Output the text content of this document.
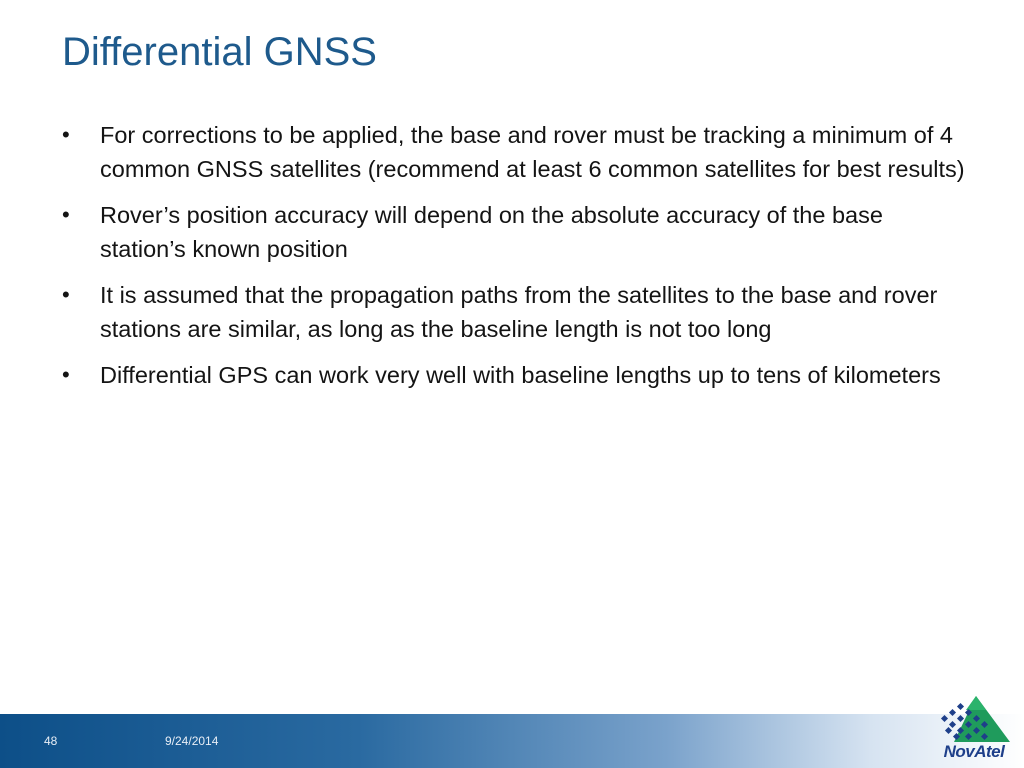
Differential GNSS
•	For corrections to be applied, the base and rover must be tracking a minimum of 4 common GNSS satellites (recommend at least 6 common satellites for best results)
•	Rover’s position accuracy will depend on the absolute accuracy of the base station’s known position
•	It is assumed that the propagation paths from the satellites to the base and rover stations are similar, as long as the baseline length is not too long
•	Differential GPS can work very well with baseline lengths up to tens of kilometers
48	9/24/2014
NovAtel
